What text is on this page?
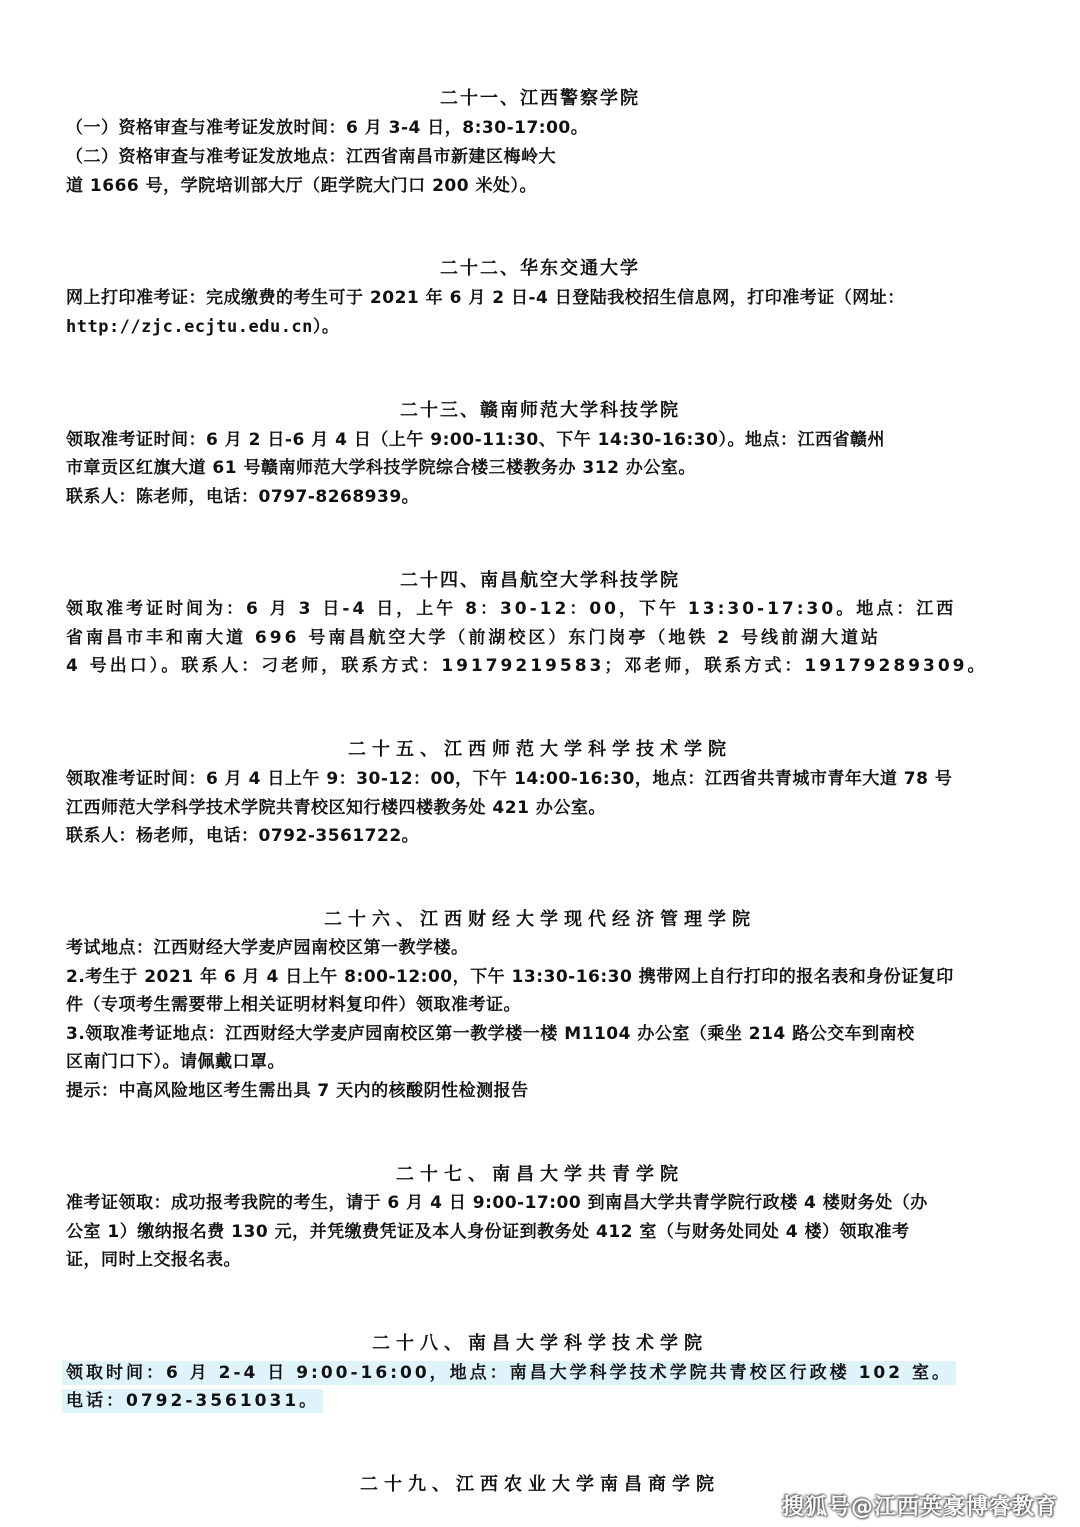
二十一、江西警察学院
（一）资格审查与准考证发放时间：6 月 3-4 日，8:30-17:00。
（二）资格审查与准考证发放地点：江西省南昌市新建区梅岭大
道 1666 号，学院培训部大厅（距学院大门口 200 米处）。
二十二、华东交通大学
网上打印准考证：完成缴费的考生可于 2021 年 6 月 2 日-4 日登陆我校招生信息网，打印准考证（网址：
http://zjc.ecjtu.edu.cn）。
二十三、赣南师范大学科技学院
领取准考证时间：6 月 2 日-6 月 4 日（上午 9:00-11:30、下午 14:30-16:30）。地点：江西省赣州
市章贡区红旗大道 61 号赣南师范大学科技学院综合楼三楼教务办 312 办公室。
联系人：陈老师，电话：0797-8268939。
二十四、南昌航空大学科技学院
领取准考证时间为：6 月 3 日-4 日，上午 8：30-12：00，下午 13:30-17:30。地点：江西
省南昌市丰和南大道 696 号南昌航空大学（前湖校区）东门岗亭（地铁 2 号线前湖大道站
4 号出口）。联系人：刁老师，联系方式：19179219583；邓老师，联系方式：19179289309。
二十五、江西师范大学科学技术学院
领取准考证时间：6 月 4 日上午 9：30-12：00，下午 14:00-16:30，地点：江西省共青城市青年大道 78 号
江西师范大学科学技术学院共青校区知行楼四楼教务处 421 办公室。
联系人：杨老师，电话：0792-3561722。
二十六、江西财经大学现代经济管理学院
考试地点：江西财经大学麦庐园南校区第一教学楼。
2.考生于 2021 年 6 月 4 日上午 8:00-12:00，下午 13:30-16:30 携带网上自行打印的报名表和身份证复印
件（专项考生需要带上相关证明材料复印件）领取准考证。
3.领取准考证地点：江西财经大学麦庐园南校区第一教学楼一楼 M1104 办公室（乘坐 214 路公交车到南校
区南门口下）。请佩戴口罩。
提示：中高风险地区考生需出具 7 天内的核酸阴性检测报告
二十七、南昌大学共青学院
准考证领取：成功报考我院的考生，请于 6 月 4 日 9:00-17:00 到南昌大学共青学院行政楼 4 楼财务处（办
公室 1）缴纳报名费 130 元，并凭缴费凭证及本人身份证到教务处 412 室（与财务处同处 4 楼）领取准考
证，同时上交报名表。
二十八、南昌大学科学技术学院
领取时间：6 月 2-4 日 9:00-16:00，地点：南昌大学科学技术学院共青校区行政楼 102 室。
电话：0792-3561031。
二十九、江西农业大学南昌商学院
搜狐号@江西英豪博睿教育
